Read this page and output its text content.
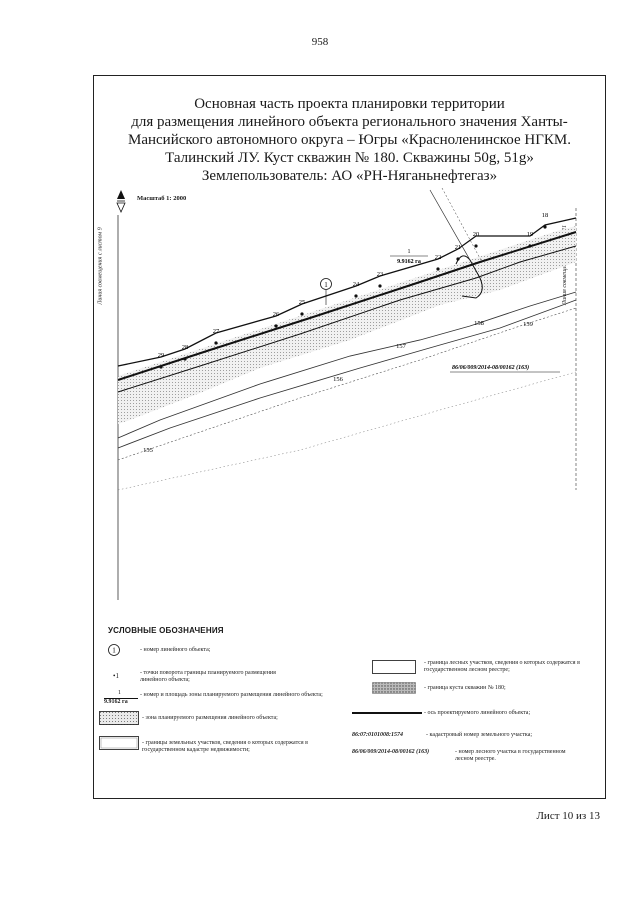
958
Основная часть проекта планировки территории
для размещения линейного объекта регионального значения Ханты-
Мансийского автономного округа – Югры «Красноленинское НГКМ.
Талинский ЛУ. Куст скважин № 180. Скважины 50g, 51g»
Землепользователь: АО «РН-Няганьнефтегаз»
Масштаб 1: 2000
Линия совмещения с листом 9
18
19
20
21
22
23
24
25
26
27
28
29
155
156
157
158	159
1
1
9.9162 га
86/06/009/2014-08/00162 (163)
УСЛОВНЫЕ ОБОЗНАЧЕНИЯ
1	- номер линейного объекта;
•1	- точки поворота границы планируемого размещения линейного объекта;
1
9.9162 га
- номер и площадь зоны планируемого размещения линейного объекта;
- зона планируемого размещения линейного объекта;
- границы земельных участков, сведения о которых содержатся в государственном кадастре недвижимости;
- граница лесных участков, сведения о которых содержатся в государственном лесном реестре;
- граница куста скважин № 180;
- ось проектируемого линейного объекта;
86:07:0101008:1574	- кадастровый номер земельного участка;
86/06/009/2014-08/00162 (163)	- номер лесного участка в государственном лесном реестре.
Лист 10 из 13
